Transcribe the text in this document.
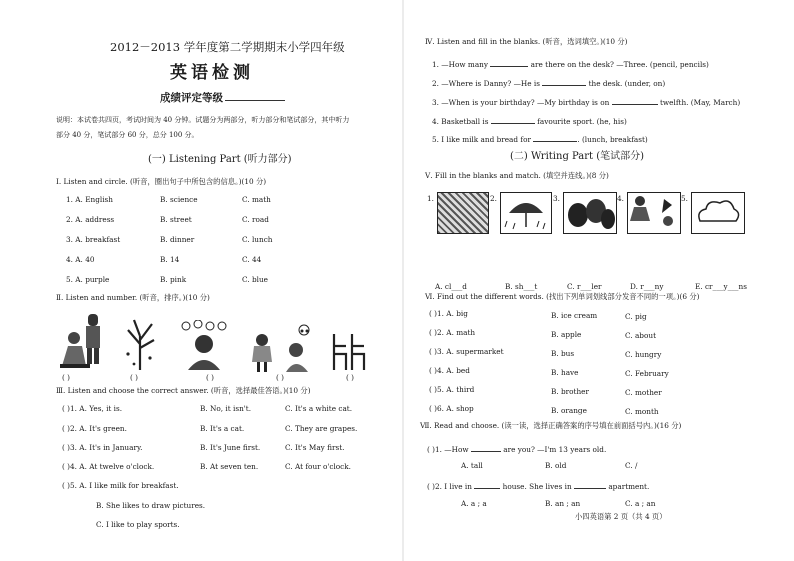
2012－2013 学年度第二学期期末小学四年级
英语检测
成绩评定等级
说明：本试卷共四页，考试时间为 40 分钟。试题分为两部分，听力部分和笔试部分，其中听力
部分 40 分，笔试部分 60 分，总分 100 分。
(一) Listening Part (听力部分)
Ⅰ. Listen and circle. (听音，圈出句子中所包含的信息。)(10 分)
1. A. English	B. science	C. math
2. A. address	B. street	C. road
3. A. breakfast	B. dinner	C. lunch
4. A. 40	B. 14	C. 44
5. A. purple	B. pink	C. blue
Ⅱ. Listen and number. (听音，排序。)(10 分)
( )	( )	( )	( )	( )
Ⅲ. Listen and choose the correct answer. (听音，选择最佳答语。)(10 分)
( )1. A. Yes, it is.	B. No, it isn't.	C. It's a white cat.
( )2. A. It's green.	B. It's a cat.	C. They are grapes.
( )3. A. It's in January.	B. It's June first.	C. It's May first.
( )4. A. At twelve o'clock.	B. At seven ten.	C. At four o'clock.
( )5. A. I like milk for breakfast.
B. She likes to draw pictures.
C. I like to play sports.
Ⅳ. Listen and fill in the blanks. (听音，选词填空。)(10 分)
1. —How many	are there on the desk? —Three. (pencil, pencils)
2. —Where is Danny? —He is	the desk. (under, on)
3. —When is your birthday? —My birthday is on	twelfth. (May, March)
4. Basketball is	favourite sport. (he, his)
5. I like milk and bread for	. (lunch, breakfast)
(二) Writing Part (笔试部分)
Ⅴ. Fill in the blanks and match. (填空并连线。)(8 分)
1.	2.	3.	4.	5.
A. cl___d	B. sh___t	C. r___ler	D. r___ny	E. cr___y___ns
Ⅵ. Find out the different words. (找出下列单词划线部分发音不同的一项。)(6 分)
( )1. A. big	B. ice cream	C. pig
( )2. A. math	B. apple	C. about
( )3. A. supermarket	B. bus	C. hungry
( )4. A. bed	B. have	C. February
( )5. A. third	B. brother	C. mother
( )6. A. shop	B. orange	C. month
Ⅶ. Read and choose. (读一读，选择正确答案的序号填在前面括号内。)(16 分)
( )1. —How	are you? —I'm 13 years old.
A. tall	B. old	C. /
( )2. I live in	house. She lives in	apartment.
A. a ; a	B. an ; an	C. a ; an
小四英语第 2 页（共 4 页）
